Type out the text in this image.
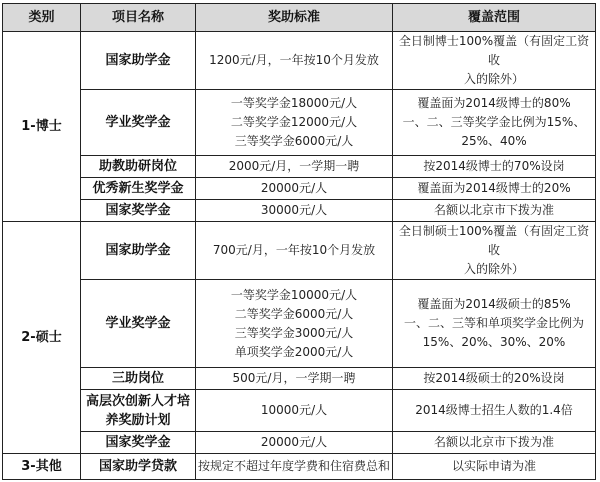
类别	项目名称	奖助标准	覆盖范围
1-博士	国家助学金	1200元/月，一年按10个月发放	全日制博士100%覆盖（有固定工资收
入的除外）

	学业奖学金	一等奖学金18000元/人
二等奖学金12000元/人
三等奖学金6000元/人	覆盖面为2014级博士的80%
一、二、三等奖学金比例为15%、
25%、40%

	助教助研岗位	2000元/月，一学期一聘	按2014级博士的70%设岗

	优秀新生奖学金	20000元/人	覆盖面为2014级博士的20%

	国家奖学金	30000元/人	名额以北京市下拨为准

2-硕士	国家助学金	700元/月，一年按10个月发放	全日制硕士100%覆盖（有固定工资收
入的除外）

	学业奖学金	一等奖学金10000元/人
二等奖学金6000元/人
三等奖学金3000元/人
单项奖学金2000元/人	覆盖面为2014级硕士的85%
一、二、三等和单项奖学金比例为
15%、20%、30%、20%

	三助岗位	500元/月，一学期一聘	按2014级硕士的20%设岗

	高层次创新人才培
养奖励计划	10000元/人	2014级博士招生人数的1.4倍

	国家奖学金	20000元/人	名额以北京市下拨为准

3-其他	国家助学贷款	按规定不超过年度学费和住宿费总和	以实际申请为准
